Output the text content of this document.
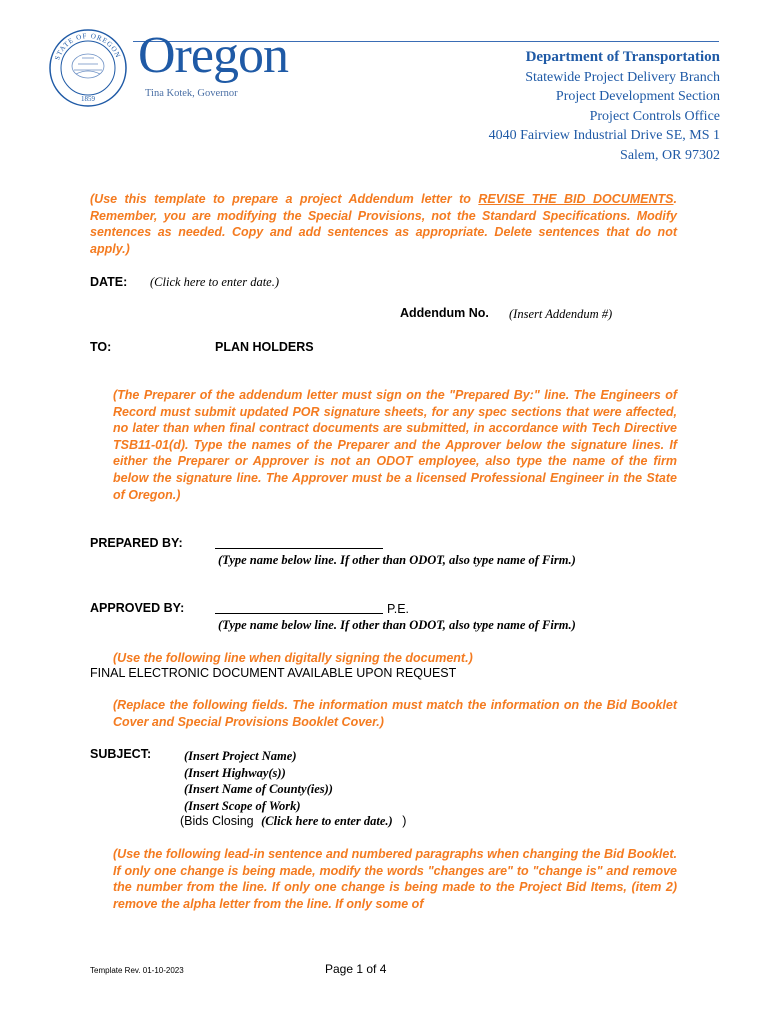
STATE OF OREGON
1859
Oregon
Tina Kotek, Governor
Department of Transportation
Statewide Project Delivery Branch
Project Development Section
Project Controls Office
4040 Fairview Industrial Drive SE, MS 1
Salem, OR 97302
(Use this template to prepare a project Addendum letter to REVISE THE BID DOCUMENTS. Remember, you are modifying the Special Provisions, not the Standard Specifications. Modify sentences as needed. Copy and add sentences as appropriate. Delete sentences that do not apply.)
DATE: (Click here to enter date.)
Addendum No. (Insert Addendum #)
TO:	PLAN HOLDERS
(The Preparer of the addendum letter must sign on the "Prepared By:" line. The Engineers of Record must submit updated POR signature sheets, for any spec sections that were affected, no later than when final contract documents are submitted, in accordance with Tech Directive TSB11-01(d). Type the names of the Preparer and the Approver below the signature lines. If either the Preparer or Approver is not an ODOT employee, also type the name of the firm below the signature line. The Approver must be a licensed Professional Engineer in the State of Oregon.)
PREPARED BY:
(Type name below line. If other than ODOT, also type name of Firm.)
APPROVED BY:	P.E.
(Type name below line. If other than ODOT, also type name of Firm.)
(Use the following line when digitally signing the document.)
FINAL ELECTRONIC DOCUMENT AVAILABLE UPON REQUEST
(Replace the following fields. The information must match the information on the Bid Booklet Cover and Special Provisions Booklet Cover.)
SUBJECT:	(Insert Project Name)
(Insert Highway(s))
(Insert Name of County(ies))
(Insert Scope of Work)
(Bids Closing (Click here to enter date.) )
(Use the following lead-in sentence and numbered paragraphs when changing the Bid Booklet. If only one change is being made, modify the words "changes are" to "change is" and remove the number from the line. If only one change is being made to the Project Bid Items, (item 2) remove the alpha letter from the line. If only some of
Template Rev. 01-10-2023	Page 1 of 4
